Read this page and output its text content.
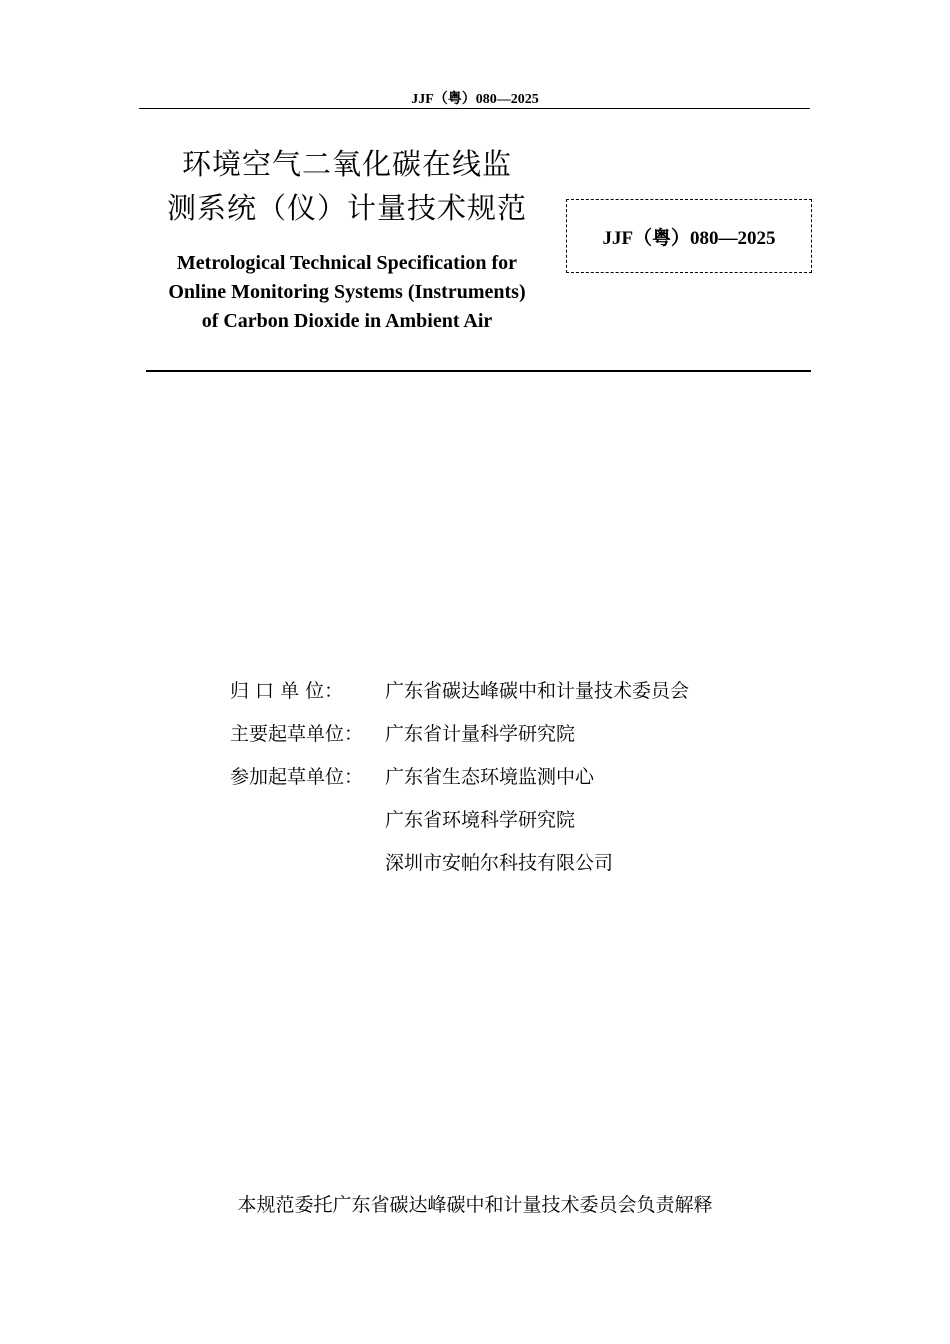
JJF（粤）080—2025
环境空气二氧化碳在线监
测系统（仪）计量技术规范
Metrological Technical Specification for
Online Monitoring Systems (Instruments)
of Carbon Dioxide in Ambient Air
JJF（粤）080—2025
归 口 单 位：	广东省碳达峰碳中和计量技术委员会
主要起草单位：	广东省计量科学研究院
参加起草单位：	广东省生态环境监测中心
广东省环境科学研究院
深圳市安帕尔科技有限公司
本规范委托广东省碳达峰碳中和计量技术委员会负责解释
